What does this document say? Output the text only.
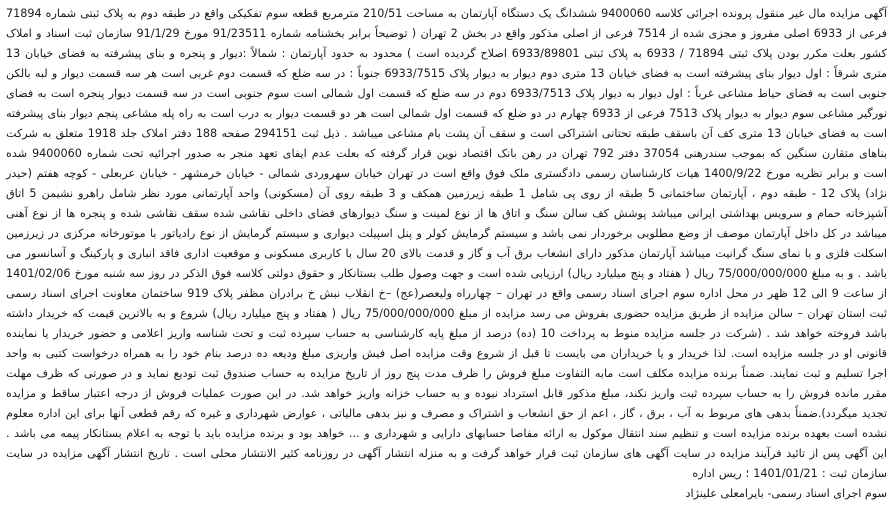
آگهی مزایده مال غیر منقول پرونده اجرائی کلاسه 9400060 ششدانگ یک دستگاه آپارتمان به مساحت 210/51 مترمربع قطعه سوم تفکیکی واقع در طبقه دوم به پلاک ثبتی شماره 71894 فرعی از 6933 اصلی مفروز و مجزی شده از 7514 فرعی از اصلی مذکور واقع در بخش 2 تهران ( توضیحاً برابر بخشنامه شماره 91/23511 مورخ 91/1/29 سازمان ثبت اسناد و املاک کشور بعلت مکرر بودن پلاک ثبتی 71894 / 6933 به پلاک ثبتی 6933/89801 اصلاح گردیده است ) محدود به حدود آپارتمان : شمالاً :دیوار و پنجره و بنای پیشرفته به فضای خیابان 13 متری شرقاً : اول دیوار بنای پیشرفته است به فضای خیابان 13 متری دوم دیوار به دیوار پلاک 6933/7515 جنوباً : در سه ضلع که قسمت دوم غربی است هر سه قسمت دیوار و لبه بالکن جنوبی است به فضای حیاط مشاعی غرباً : اول دیوار به دیوار پلاک 6933/7513 دوم در سه ضلع که قسمت اول شمالی است سوم جنوبی است در سه قسمت دیوار پنجره است به فضای نورگیر مشاعی سوم دیوار به دیوار پلاک 7513 فرعی از 6933 چهارم در دو ضلع که قسمت اول شمالی است هر دو قسمت دیوار به درب است به راه پله مشاعی پنجم دیوار بنای پیشرفته است به فضای خیابان 13 متری کف آن باسقف طبقه تحتانی اشتراکی است و سقف آن پشت بام مشاعی میباشد . ذیل ثبت 294151 صفحه 188 دفتر املاک جلد 1918 متعلق به شرکت بناهای متقارن سنگین که بموجب سندرهنی 37054 دفتر 792 تهران در رهن بانک اقتصاد نوین قرار گرفته که بعلت عدم ایفای تعهد منجر به صدور اجرائیه تحت شماره 9400060 شده است و برابر نظریه مورخ 1400/9/22 هیات کارشناسان رسمی دادگستری ملک فوق واقع است در تهران خیابان سهروردی شمالی - خیابان خرمشهر - خیابان عربعلی - کوچه هفتم (حیدر نژاد) پلاک 12 - طبقه دوم ، آپارتمان ساختمانی 5 طبقه از روی پی شامل 1 طبقه زیرزمین همکف و 3 طبقه روی آن (مسکونی) واحد آپارتمانی مورد نظر شامل راهرو نشیمن 5 اتاق آشپزخانه حمام و سرویس بهداشتی ایرانی میباشد پوشش کف سالن سنگ و اتاق ها از نوع لمینت و سنگ دیوارهای فضای داخلی نقاشی شده سقف نقاشی شده و پنجره ها از نوع آهنی میباشد در کل داخل آپارتمان موصف از وضع مطلوبی برخوردار نمی باشد و سیستم گرمایش کولر و پنل اسپیلت دیواری و سیستم گرمایش از نوع رادیاتور با موتورخانه مرکزی در زیرزمین اسکلت فلزی و با نمای سنگ گرانیت میباشد آپارتمان مذکور دارای انشعاب برق آب و گاز و قدمت بالای 20 سال با کاربری مسکونی و موقعیت اداری فاقد انباری و پارکینگ و آسانسور می باشد . و به مبلغ 75/000/000/000 ریال ( هفتاد و پنج میلیارد ریال) ارزیابی شده است و جهت وصول طلب بستانکار و حقوق دولتی کلاسه فوق الذکر در روز سه شنبه مورخ 1401/02/06 از ساعت 9 الی 12 ظهر در محل اداره سوم اجرای اسناد رسمی واقع در تهران – چهارراه ولیعصر(عج) –خ انقلاب نبش خ برادران مظفر پلاک 919 ساختمان معاونت اجرای اسناد رسمی ثبت استان تهران – سالن مزایده از طریق مزایده حضوری بفروش می رسد مزایده از مبلغ 75/000/000/000 ریال ( هفتاد و پنج میلیارد ریال) شروع و به بالاترین قیمت که خریدار داشته باشد فروخته خواهد شد . (شرکت در جلسه مزایده منوط به پرداخت 10 (ده) درصد از مبلغ پایه کارشناسی به حساب سپرده ثبت و تحت شناسه واریز اعلامی و حضور خریدار یا نماینده قانونی او در جلسه مزایده است. لذا خریدار و یا خریداران می بایست تا قبل از شروع وقت مزایده اصل فیش واریزی مبلغ ودیعه ده درصد بنام خود را به همراه درخواست کتبی به واحد اجرا تسلیم و ثبت نمایند. ضمناً برنده مزایده مکلف است مابه التفاوت مبلغ فروش را ظرف مدت پنج روز از تاریخ مزایده به حساب صندوق ثبت تودیع نماید و در صورتی که ظرف مهلت مقرر مانده فروش را به حساب سپرده ثبت واریز نکند، مبلغ مذکور قابل استرداد نبوده و به حساب خزانه واریز خواهد شد. در این صورت عملیات فروش از درجه اعتبار ساقط و مزایده تجدید میگردد).ضمناً بدهی های مربوط به آب ، برق ، گاز ، اعم از حق انشعاب و اشتراک و مصرف و نیز بدهی مالیاتی ، عوارض شهرداری و غیره که رقم قطعی آنها برای این اداره معلوم نشده است بعهده برنده مزایده است و تنظیم سند انتقال موکول به ارائه مفاصا حسابهای دارایی و شهرداری و ... خواهد بود و برنده مزایده باید با توجه به اعلام بستانکار پیمه می باشد . این آگهی پس از تائید فرآیند مزایده در سایت آگهی های سازمان ثبت قرار خواهد گرفت و به منزله انتشار آگهی در روزنامه کثیر الانتشار محلی است . تاریخ انتشار آگهی مزایده در سایت سازمان ثبت : 1401/01/21 ؛ ریس اداره

سوم اجرای اسناد رسمی- بایرامعلی علینژاد
